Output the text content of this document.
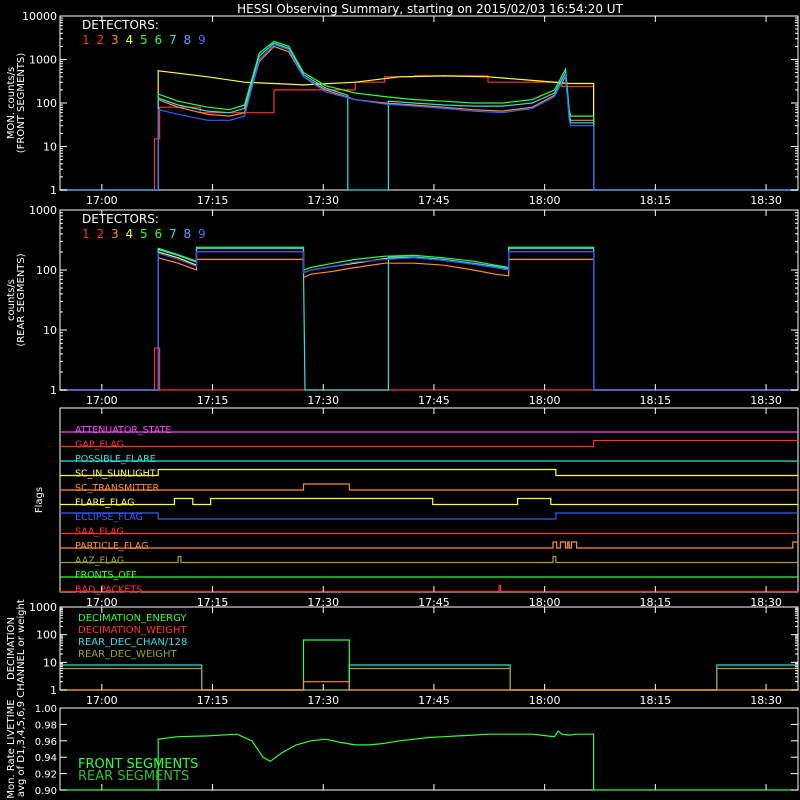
HESSI Observing Summary, starting on 2015/02/03 16:54:20 UT
1
10
100
1000
10000
17:00	17:15	17:30	17:45	18:00	18:15	18:30
MON. counts/s (FRONT SEGMENTS)
DETECTORS:
1 2 3 4 5 6 7 8 9
1
10
100
1000
17:00	17:15	17:30	17:45	18:00	18:15	18:30
counts/s (REAR SEGMENTS)
DETECTORS:
1 2 3 4 5 6 7 8 9
ATTENUATOR_STATE
GAP_FLAG
POSSIBLE_FLARE
SC_IN_SUNLIGHT
SC_TRANSMITTER
FLARE_FLAG
ECLIPSE_FLAG
SAA_FLAG
PARTICLE_FLAG
AAZ_FLAG
FRONTS_OFF
BAD_PACKETS
17:00	17:15	17:30	17:45	18:00	18:15	18:30
Flags
1
10
100
1000
17:00	17:15	17:30	17:45	18:00	18:15	18:30
DECIMATION CHANNEL or weight	DECIMATION_ENERGY
DECIMATION_WEIGHT
REAR_DEC_CHAN/128
REAR_DEC_WEIGHT
0.90
0.92
0.94
0.96
0.98
1.00
Mon. Rate LIVETIME avg of D1,3,4,5,6,9	FRONT SEGMENTS
REAR SEGMENTS
